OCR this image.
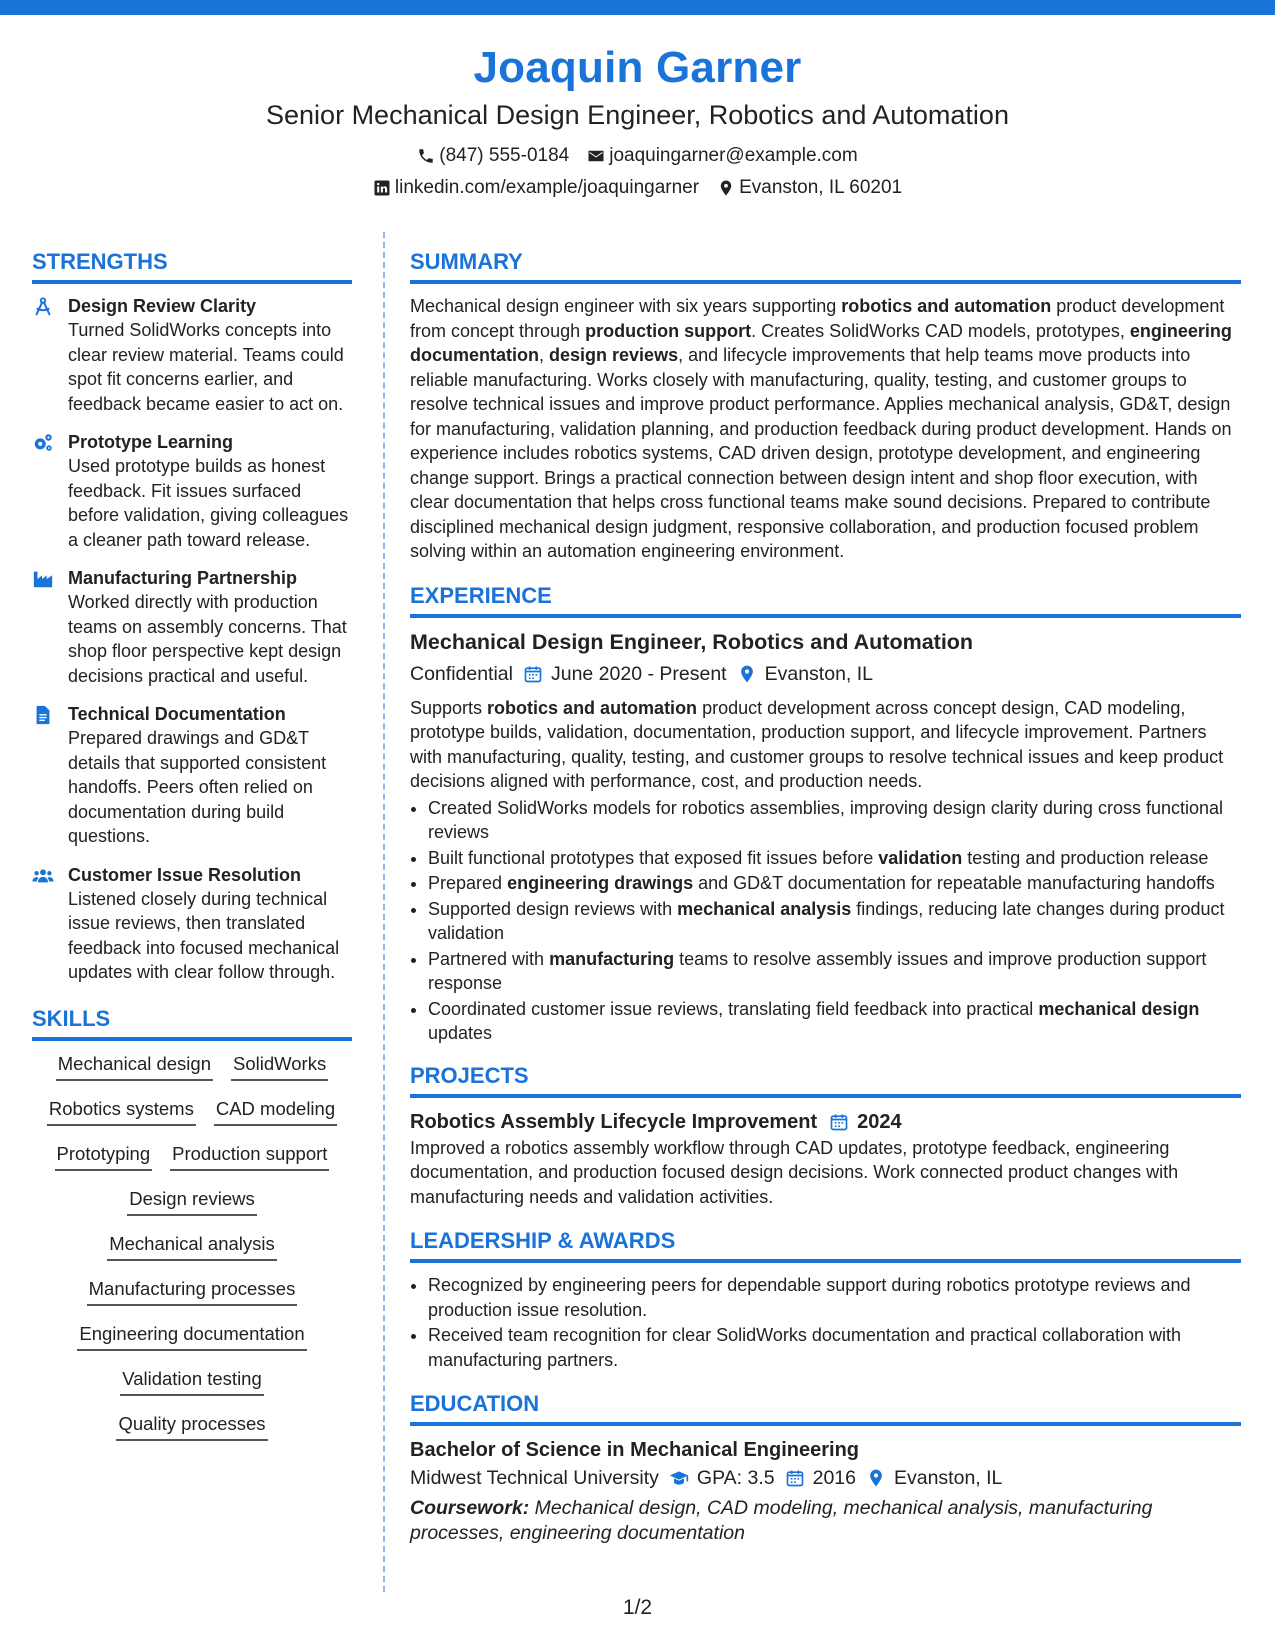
Joaquin Garner
Senior Mechanical Design Engineer, Robotics and Automation
(847) 555-0184 joaquingarner@example.com
linkedin.com/example/joaquingarner Evanston, IL 60201
STRENGTHS
Design Review Clarity
Turned SolidWorks concepts into clear review material. Teams could spot fit concerns earlier, and feedback became easier to act on.
Prototype Learning
Used prototype builds as honest feedback. Fit issues surfaced before validation, giving colleagues a cleaner path toward release.
Manufacturing Partnership
Worked directly with production teams on assembly concerns. That shop floor perspective kept design decisions practical and useful.
Technical Documentation
Prepared drawings and GD&T details that supported consistent handoffs. Peers often relied on documentation during build questions.
Customer Issue Resolution
Listened closely during technical issue reviews, then translated feedback into focused mechanical updates with clear follow through.
SKILLS
Mechanical design SolidWorks
Robotics systems CAD modeling
Prototyping Production support
Design reviews
Mechanical analysis
Manufacturing processes
Engineering documentation
Validation testing
Quality processes
SUMMARY
Mechanical design engineer with six years supporting robotics and automation product development from concept through production support. Creates SolidWorks CAD models, prototypes, engineering documentation, design reviews, and lifecycle improvements that help teams move products into reliable manufacturing. Works closely with manufacturing, quality, testing, and customer groups to resolve technical issues and improve product performance. Applies mechanical analysis, GD&T, design for manufacturing, validation planning, and production feedback during product development. Hands on experience includes robotics systems, CAD driven design, prototype development, and engineering change support. Brings a practical connection between design intent and shop floor execution, with clear documentation that helps cross functional teams make sound decisions. Prepared to contribute disciplined mechanical design judgment, responsive collaboration, and production focused problem solving within an automation engineering environment.
EXPERIENCE
Mechanical Design Engineer, Robotics and Automation
Confidential June 2020 - Present Evanston, IL
Supports robotics and automation product development across concept design, CAD modeling, prototype builds, validation, documentation, production support, and lifecycle improvement. Partners with manufacturing, quality, testing, and customer groups to resolve technical issues and keep product decisions aligned with performance, cost, and production needs.
• Created SolidWorks models for robotics assemblies, improving design clarity during cross functional reviews
• Built functional prototypes that exposed fit issues before validation testing and production release
• Prepared engineering drawings and GD&T documentation for repeatable manufacturing handoffs
• Supported design reviews with mechanical analysis findings, reducing late changes during product validation
• Partnered with manufacturing teams to resolve assembly issues and improve production support response
• Coordinated customer issue reviews, translating field feedback into practical mechanical design updates
PROJECTS
Robotics Assembly Lifecycle Improvement 2024
Improved a robotics assembly workflow through CAD updates, prototype feedback, engineering documentation, and production focused design decisions. Work connected product changes with manufacturing needs and validation activities.
LEADERSHIP & AWARDS
• Recognized by engineering peers for dependable support during robotics prototype reviews and production issue resolution.
• Received team recognition for clear SolidWorks documentation and practical collaboration with manufacturing partners.
EDUCATION
Bachelor of Science in Mechanical Engineering
Midwest Technical University GPA: 3.5 2016 Evanston, IL
Coursework: Mechanical design, CAD modeling, mechanical analysis, manufacturing processes, engineering documentation
1/2
